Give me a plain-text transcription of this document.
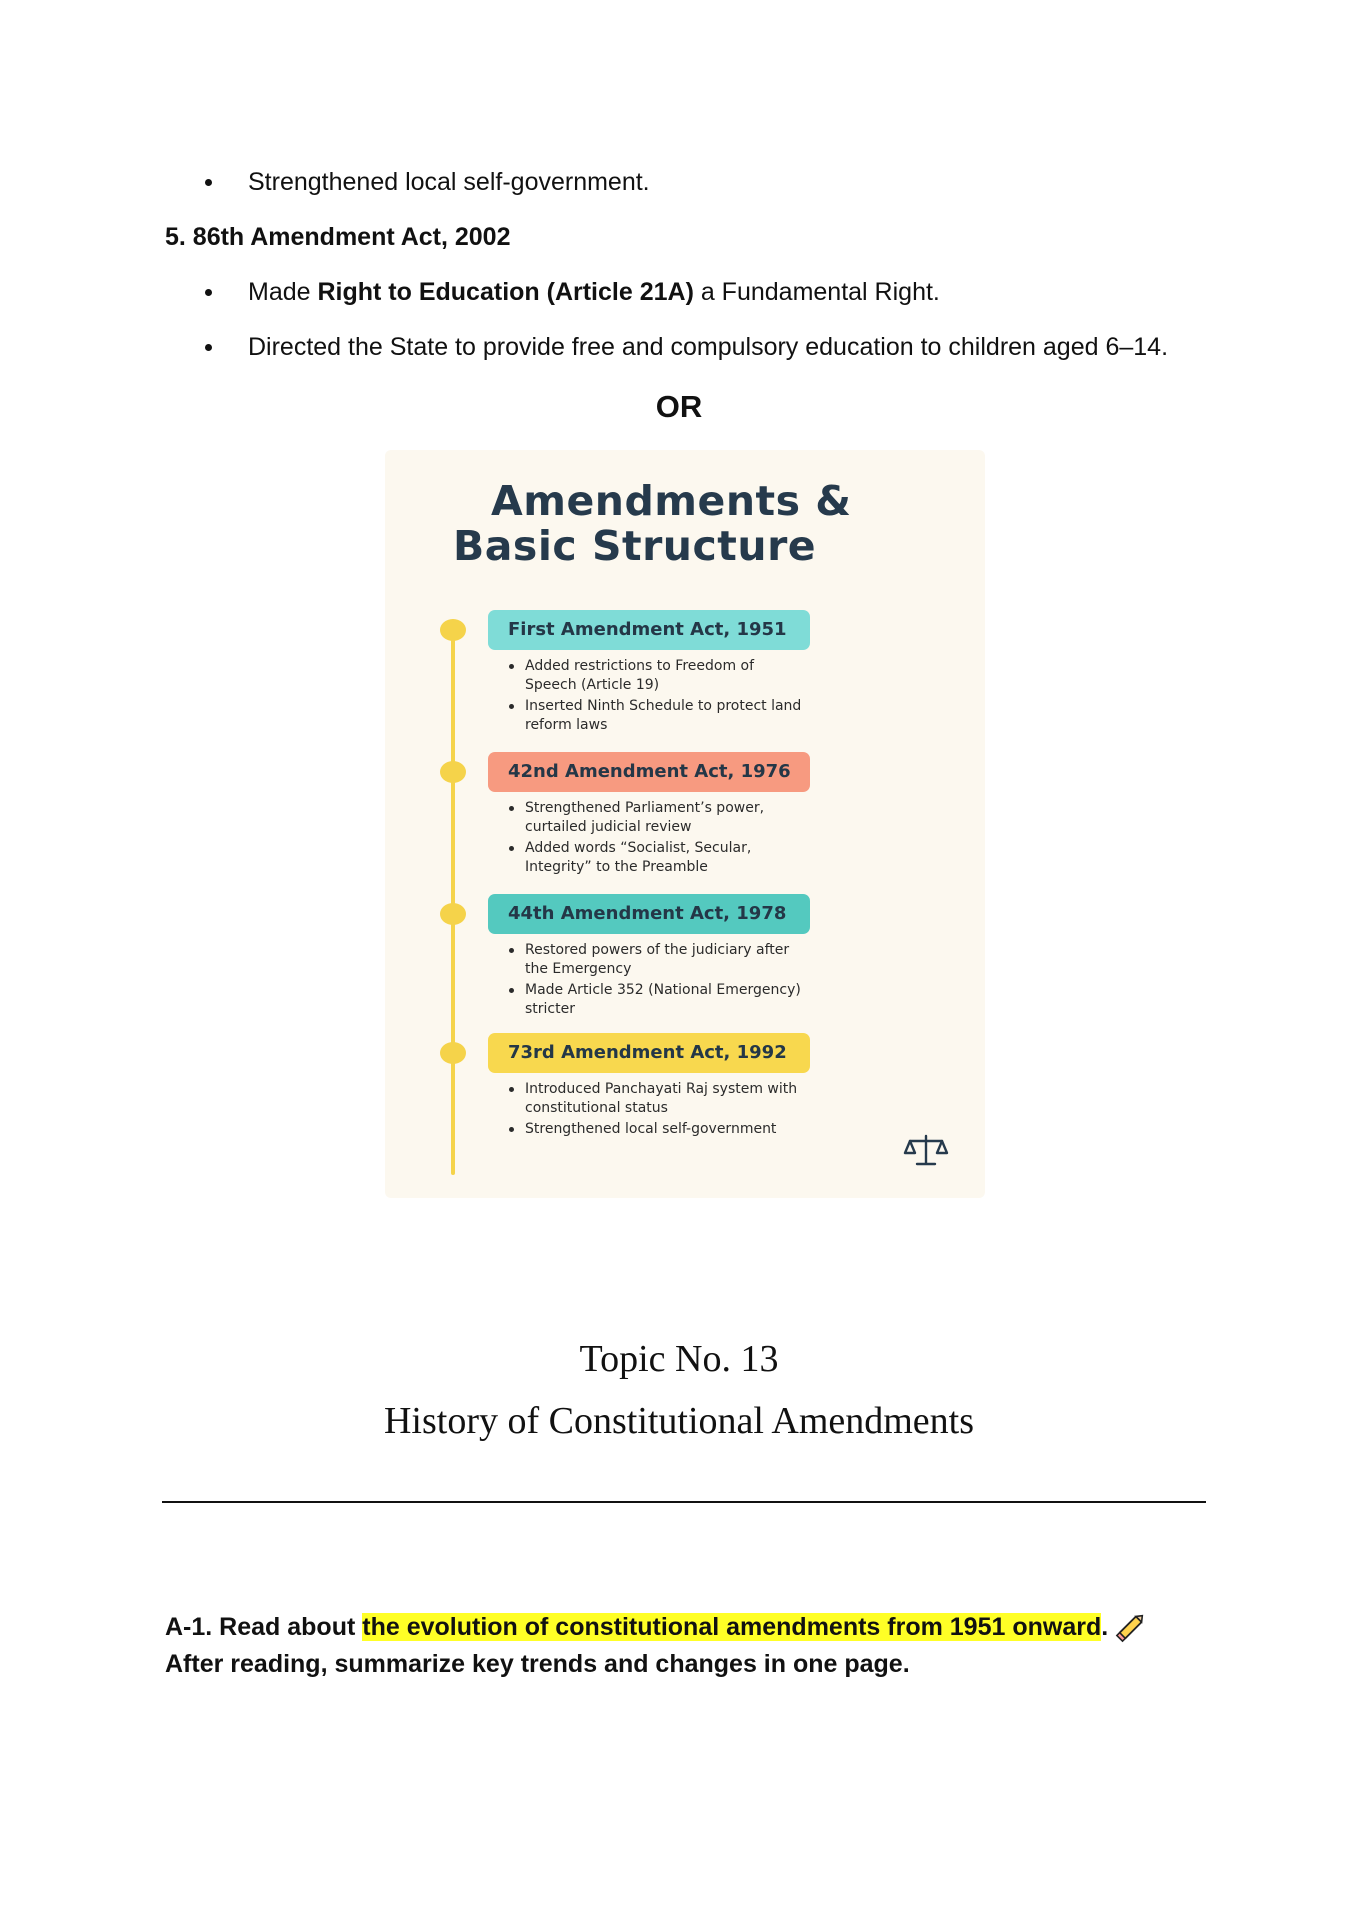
Strengthened local self-government.
5. 86th Amendment Act, 2002
Made Right to Education (Article 21A) a Fundamental Right.
Directed the State to provide free and compulsory education to children aged 6–14.
OR
Amendments &
Basic Structure
First Amendment Act, 1951
Added restrictions to Freedom of Speech (Article 19)
Inserted Ninth Schedule to protect land reform laws
42nd Amendment Act, 1976
Strengthened Parliament’s power, curtailed judicial review
Added words “Socialist, Secular, Integrity” to the Preamble
44th Amendment Act, 1978
Restored powers of the judiciary after the Emergency
Made Article 352 (National Emergency) stricter
73rd Amendment Act, 1992
Introduced Panchayati Raj system with constitutional status
Strengthened local self-government
Topic No. 13
History of Constitutional Amendments
A-1. Read about the evolution of constitutional amendments from 1951 onward. After reading, summarize key trends and changes in one page.
